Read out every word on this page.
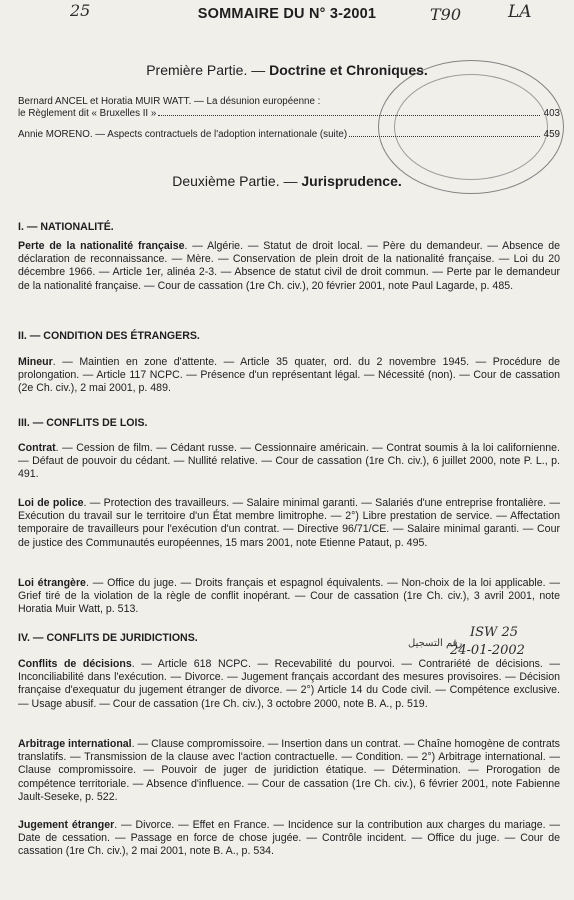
25	T90	LA
SOMMAIRE DU N° 3-2001
Première Partie. — Doctrine et Chroniques.
Bernard ANCEL et Horatia MUIR WATT. — La désunion européenne :
le Règlement dit « Bruxelles II »	403
Annie MORENO. — Aspects contractuels de l'adoption internationale (suite)	459
Deuxième Partie. — Jurisprudence.
I. — NATIONALITÉ.
Perte de la nationalité française. — Algérie. — Statut de droit local. — Père du demandeur. — Absence de déclaration de reconnaissance. — Mère. — Conservation de plein droit de la nationalité française. — Loi du 20 décembre 1966. — Article 1er, alinéa 2-3. — Absence de statut civil de droit commun. — Perte par le demandeur de la nationalité française. — Cour de cassation (1re Ch. civ.), 20 février 2001, note Paul Lagarde, p. 485.
II. — CONDITION DES ÉTRANGERS.
Mineur. — Maintien en zone d'attente. — Article 35 quater, ord. du 2 novembre 1945. — Procédure de prolongation. — Article 117 NCPC. — Présence d'un représentant légal. — Nécessité (non). — Cour de cassation (2e Ch. civ.), 2 mai 2001, p. 489.
III. — CONFLITS DE LOIS.
Contrat. — Cession de film. — Cédant russe. — Cessionnaire américain. — Contrat soumis à la loi californienne. — Défaut de pouvoir du cédant. — Nullité relative. — Cour de cassation (1re Ch. civ.), 6 juillet 2000, note P. L., p. 491.
Loi de police. — Protection des travailleurs. — Salaire minimal garanti. — Salariés d'une entreprise frontalière. — Exécution du travail sur le territoire d'un État membre limitrophe. — 2°) Libre prestation de service. — Affectation temporaire de travailleurs pour l'exécution d'un contrat. — Directive 96/71/CE. — Salaire minimal garanti. — Cour de justice des Communautés européennes, 15 mars 2001, note Etienne Pataut, p. 495.
Loi étrangère. — Office du juge. — Droits français et espagnol équivalents. — Non-choix de la loi applicable. — Grief tiré de la violation de la règle de conflit inopérant. — Cour de cassation (1re Ch. civ.), 3 avril 2001, note Horatia Muir Watt, p. 513.
IV. — CONFLITS DE JURIDICTIONS.	رقم التسجيل
ISW 25
24-01-2002
Conflits de décisions. — Article 618 NCPC. — Recevabilité du pourvoi. — Contrariété de décisions. — Inconciliabilité dans l'exécution. — Divorce. — Jugement français accordant des mesures provisoires. — Décision française d'exequatur du jugement étranger de divorce. — 2°) Article 14 du Code civil. — Compétence exclusive. — Usage abusif. — Cour de cassation (1re Ch. civ.), 3 octobre 2000, note B. A., p. 519.
Arbitrage international. — Clause compromissoire. — Insertion dans un contrat. — Chaîne homogène de contrats translatifs. — Transmission de la clause avec l'action contractuelle. — Condition. — 2°) Arbitrage international. — Clause compromissoire. — Pouvoir de juger de juridiction étatique. — Détermination. — Prorogation de compétence territoriale. — Absence d'influence. — Cour de cassation (1re Ch. civ.), 6 février 2001, note Fabienne Jault-Seseke, p. 522.
Jugement étranger. — Divorce. — Effet en France. — Incidence sur la contribution aux charges du mariage. — Date de cessation. — Passage en force de chose jugée. — Contrôle incident. — Office du juge. — Cour de cassation (1re Ch. civ.), 2 mai 2001, note B. A., p. 534.
